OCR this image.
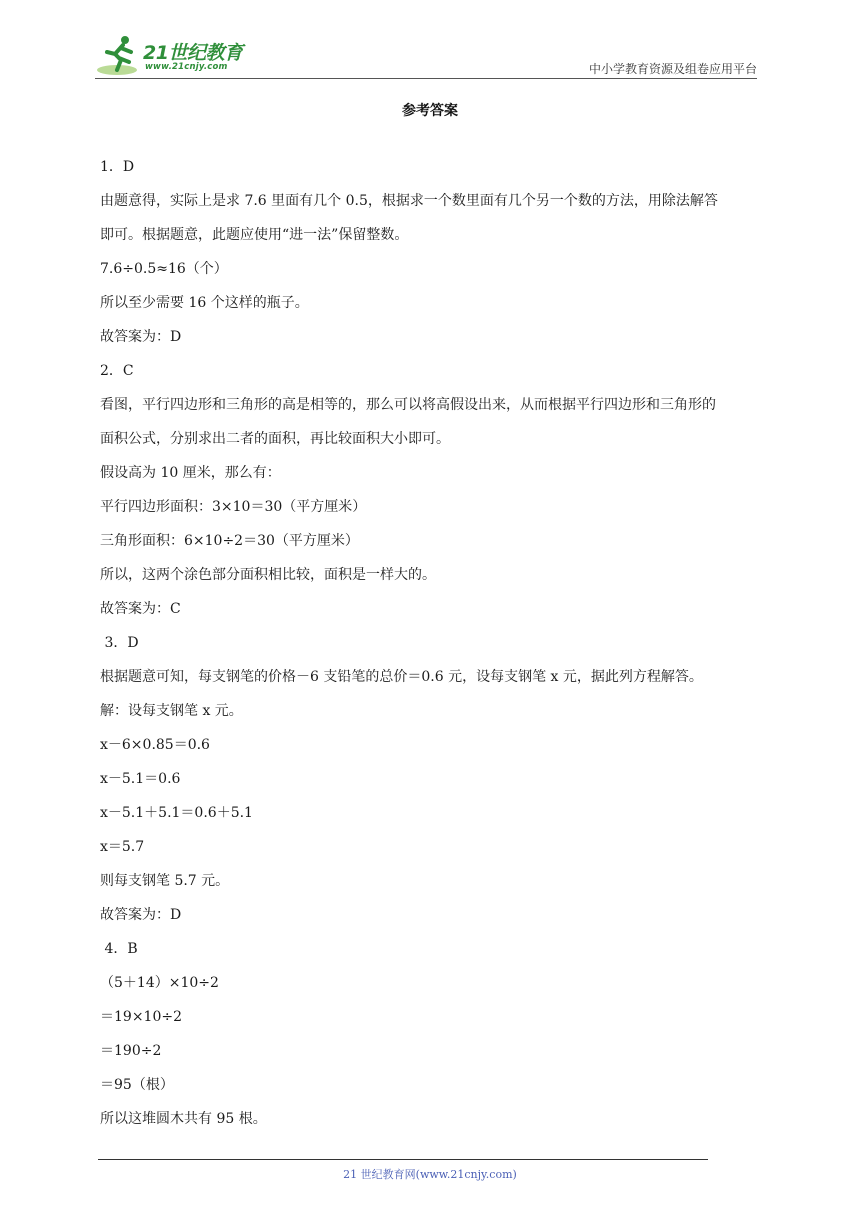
21世纪教育
www.21cnjy.com	中小学教育资源及组卷应用平台
参考答案
1．D
由题意得，实际上是求 7.6 里面有几个 0.5，根据求一个数里面有几个另一个数的方法，用除法解答
即可。根据题意，此题应使用“进一法”保留整数。
7.6÷0.5≈16（个）
所以至少需要 16 个这样的瓶子。
故答案为：D
2．C
看图，平行四边形和三角形的高是相等的，那么可以将高假设出来，从而根据平行四边形和三角形的
面积公式，分别求出二者的面积，再比较面积大小即可。
假设高为 10 厘米，那么有：
平行四边形面积：3×10＝30（平方厘米）
三角形面积：6×10÷2＝30（平方厘米）
所以，这两个涂色部分面积相比较，面积是一样大的。
故答案为：C
3．D
根据题意可知，每支钢笔的价格－6 支铅笔的总价＝0.6 元，设每支钢笔 x 元，据此列方程解答。
解：设每支钢笔 x 元。
x－6×0.85＝0.6
x－5.1＝0.6
x－5.1＋5.1＝0.6＋5.1
x＝5.7
则每支钢笔 5.7 元。
故答案为：D
4．B
（5＋14）×10÷2
＝19×10÷2
＝190÷2
＝95（根）
所以这堆圆木共有 95 根。
21 世纪教育网(www.21cnjy.com)
